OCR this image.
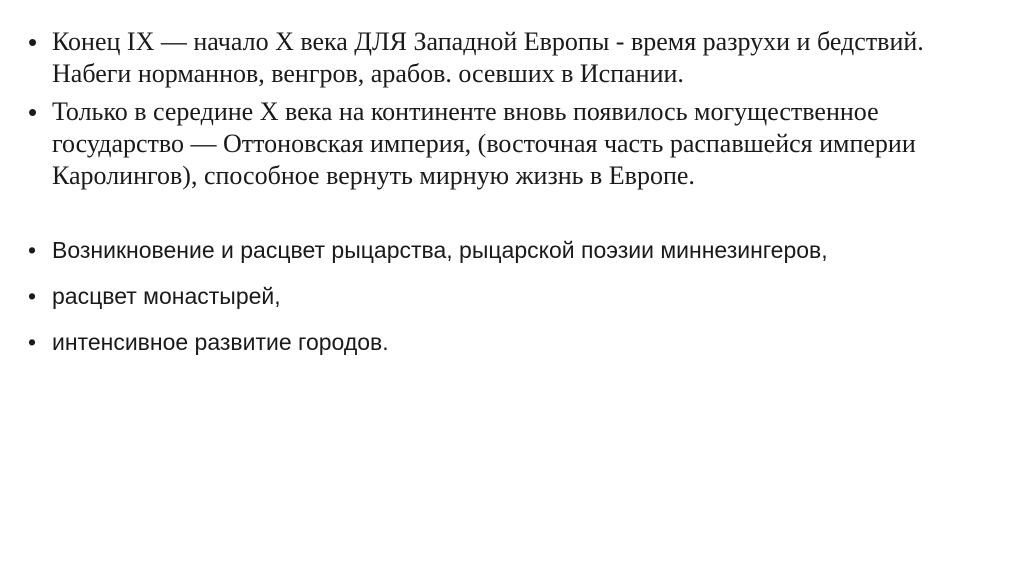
• Конец IX — начало X века ДЛЯ Западной Европы - время разрухи и бедствий. Набеги норманнов, венгров, арабов. осевших в Испании.
• Только в середине X века на континенте вновь появилось могущественное государство — Оттоновская империя, (восточная часть распавшейся империи Каролингов), способное вернуть мирную жизнь в Европе.
• Возникновение и расцвет рыцарства, рыцарской поэзии миннезингеров,
• расцвет монастырей,
• интенсивное развитие городов.
